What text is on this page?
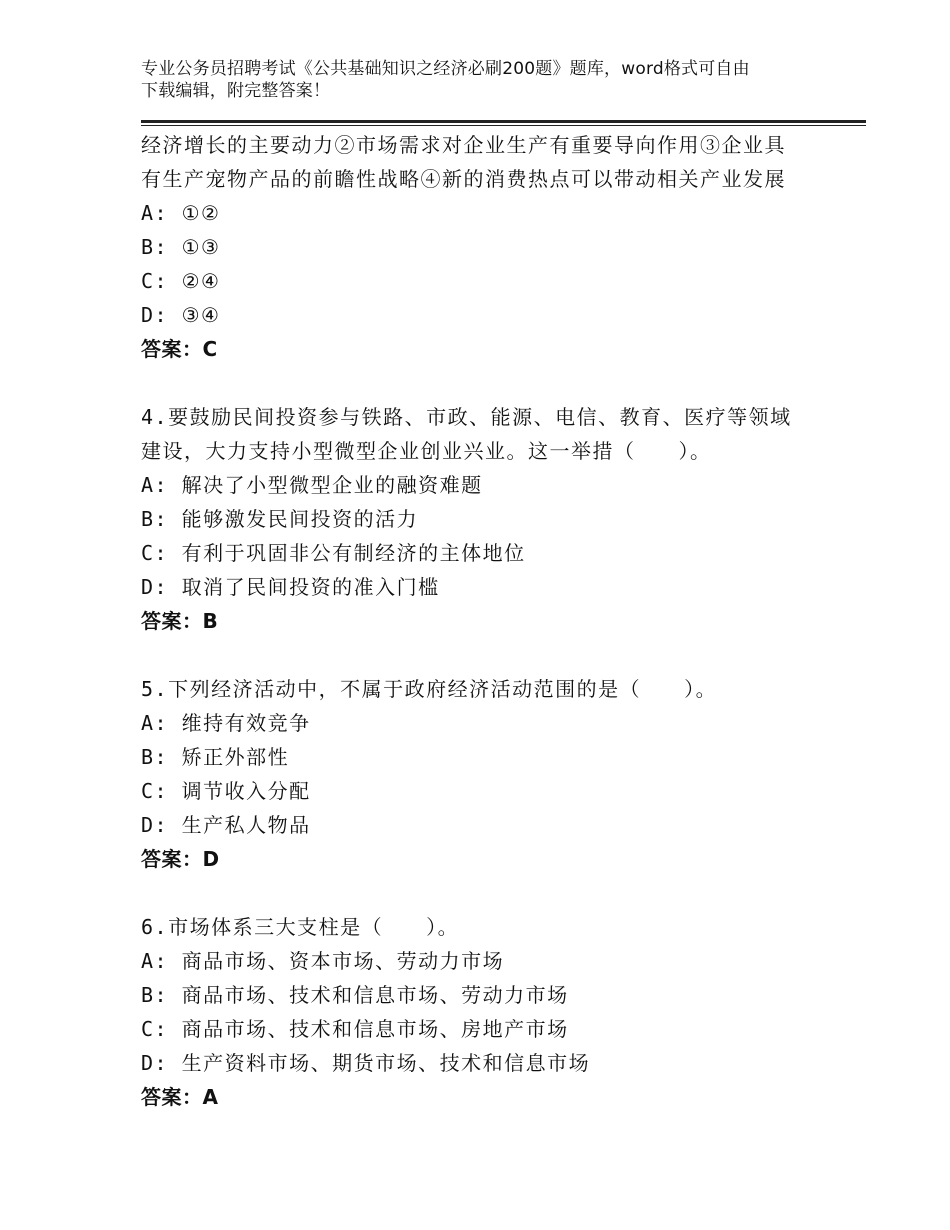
专业公务员招聘考试《公共基础知识之经济必刷200题》题库，word格式可自由
下载编辑，附完整答案！
经济增长的主要动力②市场需求对企业生产有重要导向作用③企业具
有生产宠物产品的前瞻性战略④新的消费热点可以带动相关产业发展
A: ①②
B: ①③
C: ②④
D: ③④
答案：C
4.要鼓励民间投资参与铁路、市政、能源、电信、教育、医疗等领域
建设，大力支持小型微型企业创业兴业。这一举措（　　）。
A: 解决了小型微型企业的融资难题
B: 能够激发民间投资的活力
C: 有利于巩固非公有制经济的主体地位
D: 取消了民间投资的准入门槛
答案：B
5.下列经济活动中，不属于政府经济活动范围的是（　　）。
A: 维持有效竞争
B: 矫正外部性
C: 调节收入分配
D: 生产私人物品
答案：D
6.市场体系三大支柱是（　　）。
A: 商品市场、资本市场、劳动力市场
B: 商品市场、技术和信息市场、劳动力市场
C: 商品市场、技术和信息市场、房地产市场
D: 生产资料市场、期货市场、技术和信息市场
答案：A
